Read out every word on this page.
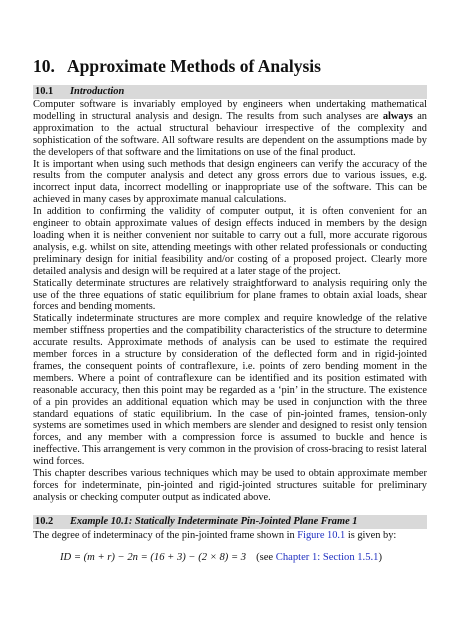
10. Approximate Methods of Analysis
10.1 Introduction

Computer software is invariably employed by engineers when undertaking mathematical modelling in structural analysis and design. The results from such analyses are always an approximation to the actual structural behaviour irrespective of the complexity and sophistication of the software. All software results are dependent on the assumptions made by the developers of that software and the limitations on use of the final product.

It is important when using such methods that design engineers can verify the accuracy of the results from the computer analysis and detect any gross errors due to various issues, e.g. incorrect input data, incorrect modelling or inappropriate use of the software. This can be achieved in many cases by approximate manual calculations.

In addition to confirming the validity of computer output, it is often convenient for an engineer to obtain approximate values of design effects induced in members by the design loading when it is neither convenient nor suitable to carry out a full, more accurate rigorous analysis, e.g. whilst on site, attending meetings with other related professionals or conducting preliminary design for initial feasibility and/or costing of a proposed project. Clearly more detailed analysis and design will be required at a later stage of the project.

Statically determinate structures are relatively straightforward to analysis requiring only the use of the three equations of static equilibrium for plane frames to obtain axial loads, shear forces and bending moments.

Statically indeterminate structures are more complex and require knowledge of the relative member stiffness properties and the compatibility characteristics of the structure to determine accurate results. Approximate methods of analysis can be used to estimate the required member forces in a structure by consideration of the deflected form and in rigid-jointed frames, the consequent points of contraflexure, i.e. points of zero bending moment in the members. Where a point of contraflexure can be identified and its position estimated with reasonable accuracy, then this point may be regarded as a ‘pin’ in the structure. The existence of a pin provides an additional equation which may be used in conjunction with the three standard equations of static equilibrium. In the case of pin-jointed frames, tension-only systems are sometimes used in which members are slender and designed to resist only tension forces, and any member with a compression force is assumed to buckle and hence is ineffective. This arrangement is very common in the provision of cross-bracing to resist lateral wind forces.

This chapter describes various techniques which may be used to obtain approximate member forces for indeterminate, pin-jointed and rigid-jointed structures suitable for preliminary analysis or checking computer output as indicated above.

10.2 Example 10.1: Statically Indeterminate Pin-Jointed Plane Frame 1

The degree of indeterminacy of the pin-jointed frame shown in Figure 10.1 is given by:

ID = (m + r) − 2n = (16 + 3) − (2 × 8) = 3 (see Chapter 1: Section 1.5.1)
